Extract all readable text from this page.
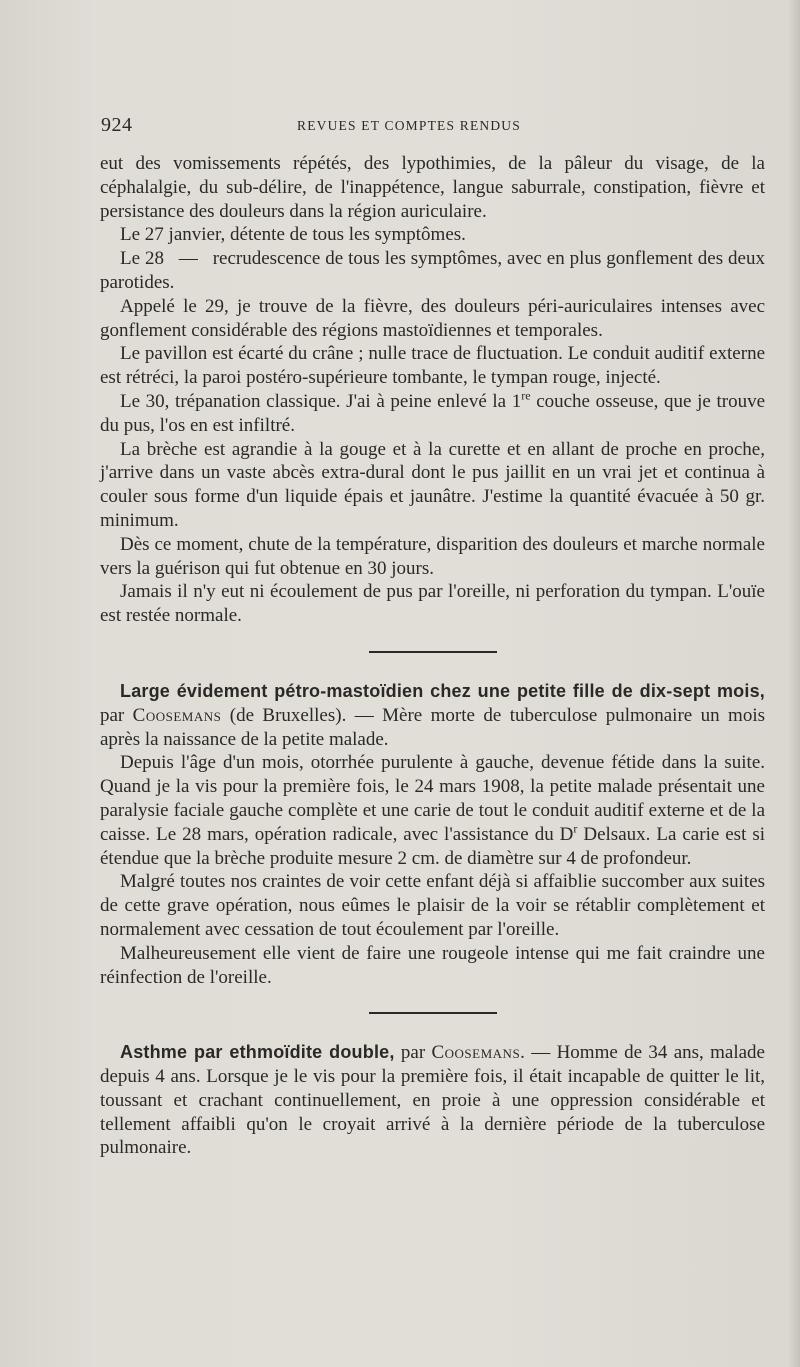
924	REVUES ET COMPTES RENDUS

eut des vomissements répétés, des lypothimies, de la pâleur du visage, de la céphalalgie, du sub-délire, de l'inappétence, langue saburrale, constipation, fièvre et persistance des douleurs dans la région auriculaire.

Le 27 janvier, détente de tous les symptômes.

Le 28   —   recrudescence de tous les symptômes, avec en plus gonflement des deux parotides.

Appelé le 29, je trouve de la fièvre, des douleurs péri-auriculaires intenses avec gonflement considérable des régions mastoïdiennes et temporales.

Le pavillon est écarté du crâne ; nulle trace de fluctuation. Le conduit auditif externe est rétréci, la paroi postéro-supérieure tombante, le tympan rouge, injecté.

Le 30, trépanation classique. J'ai à peine enlevé la 1re couche osseuse, que je trouve du pus, l'os en est infiltré.

La brèche est agrandie à la gouge et à la curette et en allant de proche en proche, j'arrive dans un vaste abcès extra-dural dont le pus jaillit en un vrai jet et continua à couler sous forme d'un liquide épais et jaunâtre. J'estime la quantité évacuée à 50 gr. minimum.

Dès ce moment, chute de la température, disparition des douleurs et marche normale vers la guérison qui fut obtenue en 30 jours.

Jamais il n'y eut ni écoulement de pus par l'oreille, ni perforation du tympan. L'ouïe est restée normale.

Large évidement pétro-mastoïdien chez une petite fille de dix-sept mois, par Coosemans (de Bruxelles). — Mère morte de tuberculose pulmonaire un mois après la naissance de la petite malade.

Depuis l'âge d'un mois, otorrhée purulente à gauche, devenue fétide dans la suite. Quand je la vis pour la première fois, le 24 mars 1908, la petite malade présentait une paralysie faciale gauche complète et une carie de tout le conduit auditif externe et de la caisse. Le 28 mars, opération radicale, avec l'assistance du $D^r$ Delsaux. La carie est si étendue que la brèche produite mesure 2 cm. de diamètre sur 4 de profondeur.

Malgré toutes nos craintes de voir cette enfant déjà si affaiblie succomber aux suites de cette grave opération, nous eûmes le plaisir de la voir se rétablir complètement et normalement avec cessation de tout écoulement par l'oreille.

Malheureusement elle vient de faire une rougeole intense qui me fait craindre une réinfection de l'oreille.

Asthme par ethmoïdite double, par Coosemans. — Homme de 34 ans, malade depuis 4 ans. Lorsque je le vis pour la première fois, il était incapable de quitter le lit, toussant et crachant continuellement, en proie à une oppression considérable et tellement affaibli qu'on le croyait arrivé à la dernière période de la tuberculose pulmonaire.
